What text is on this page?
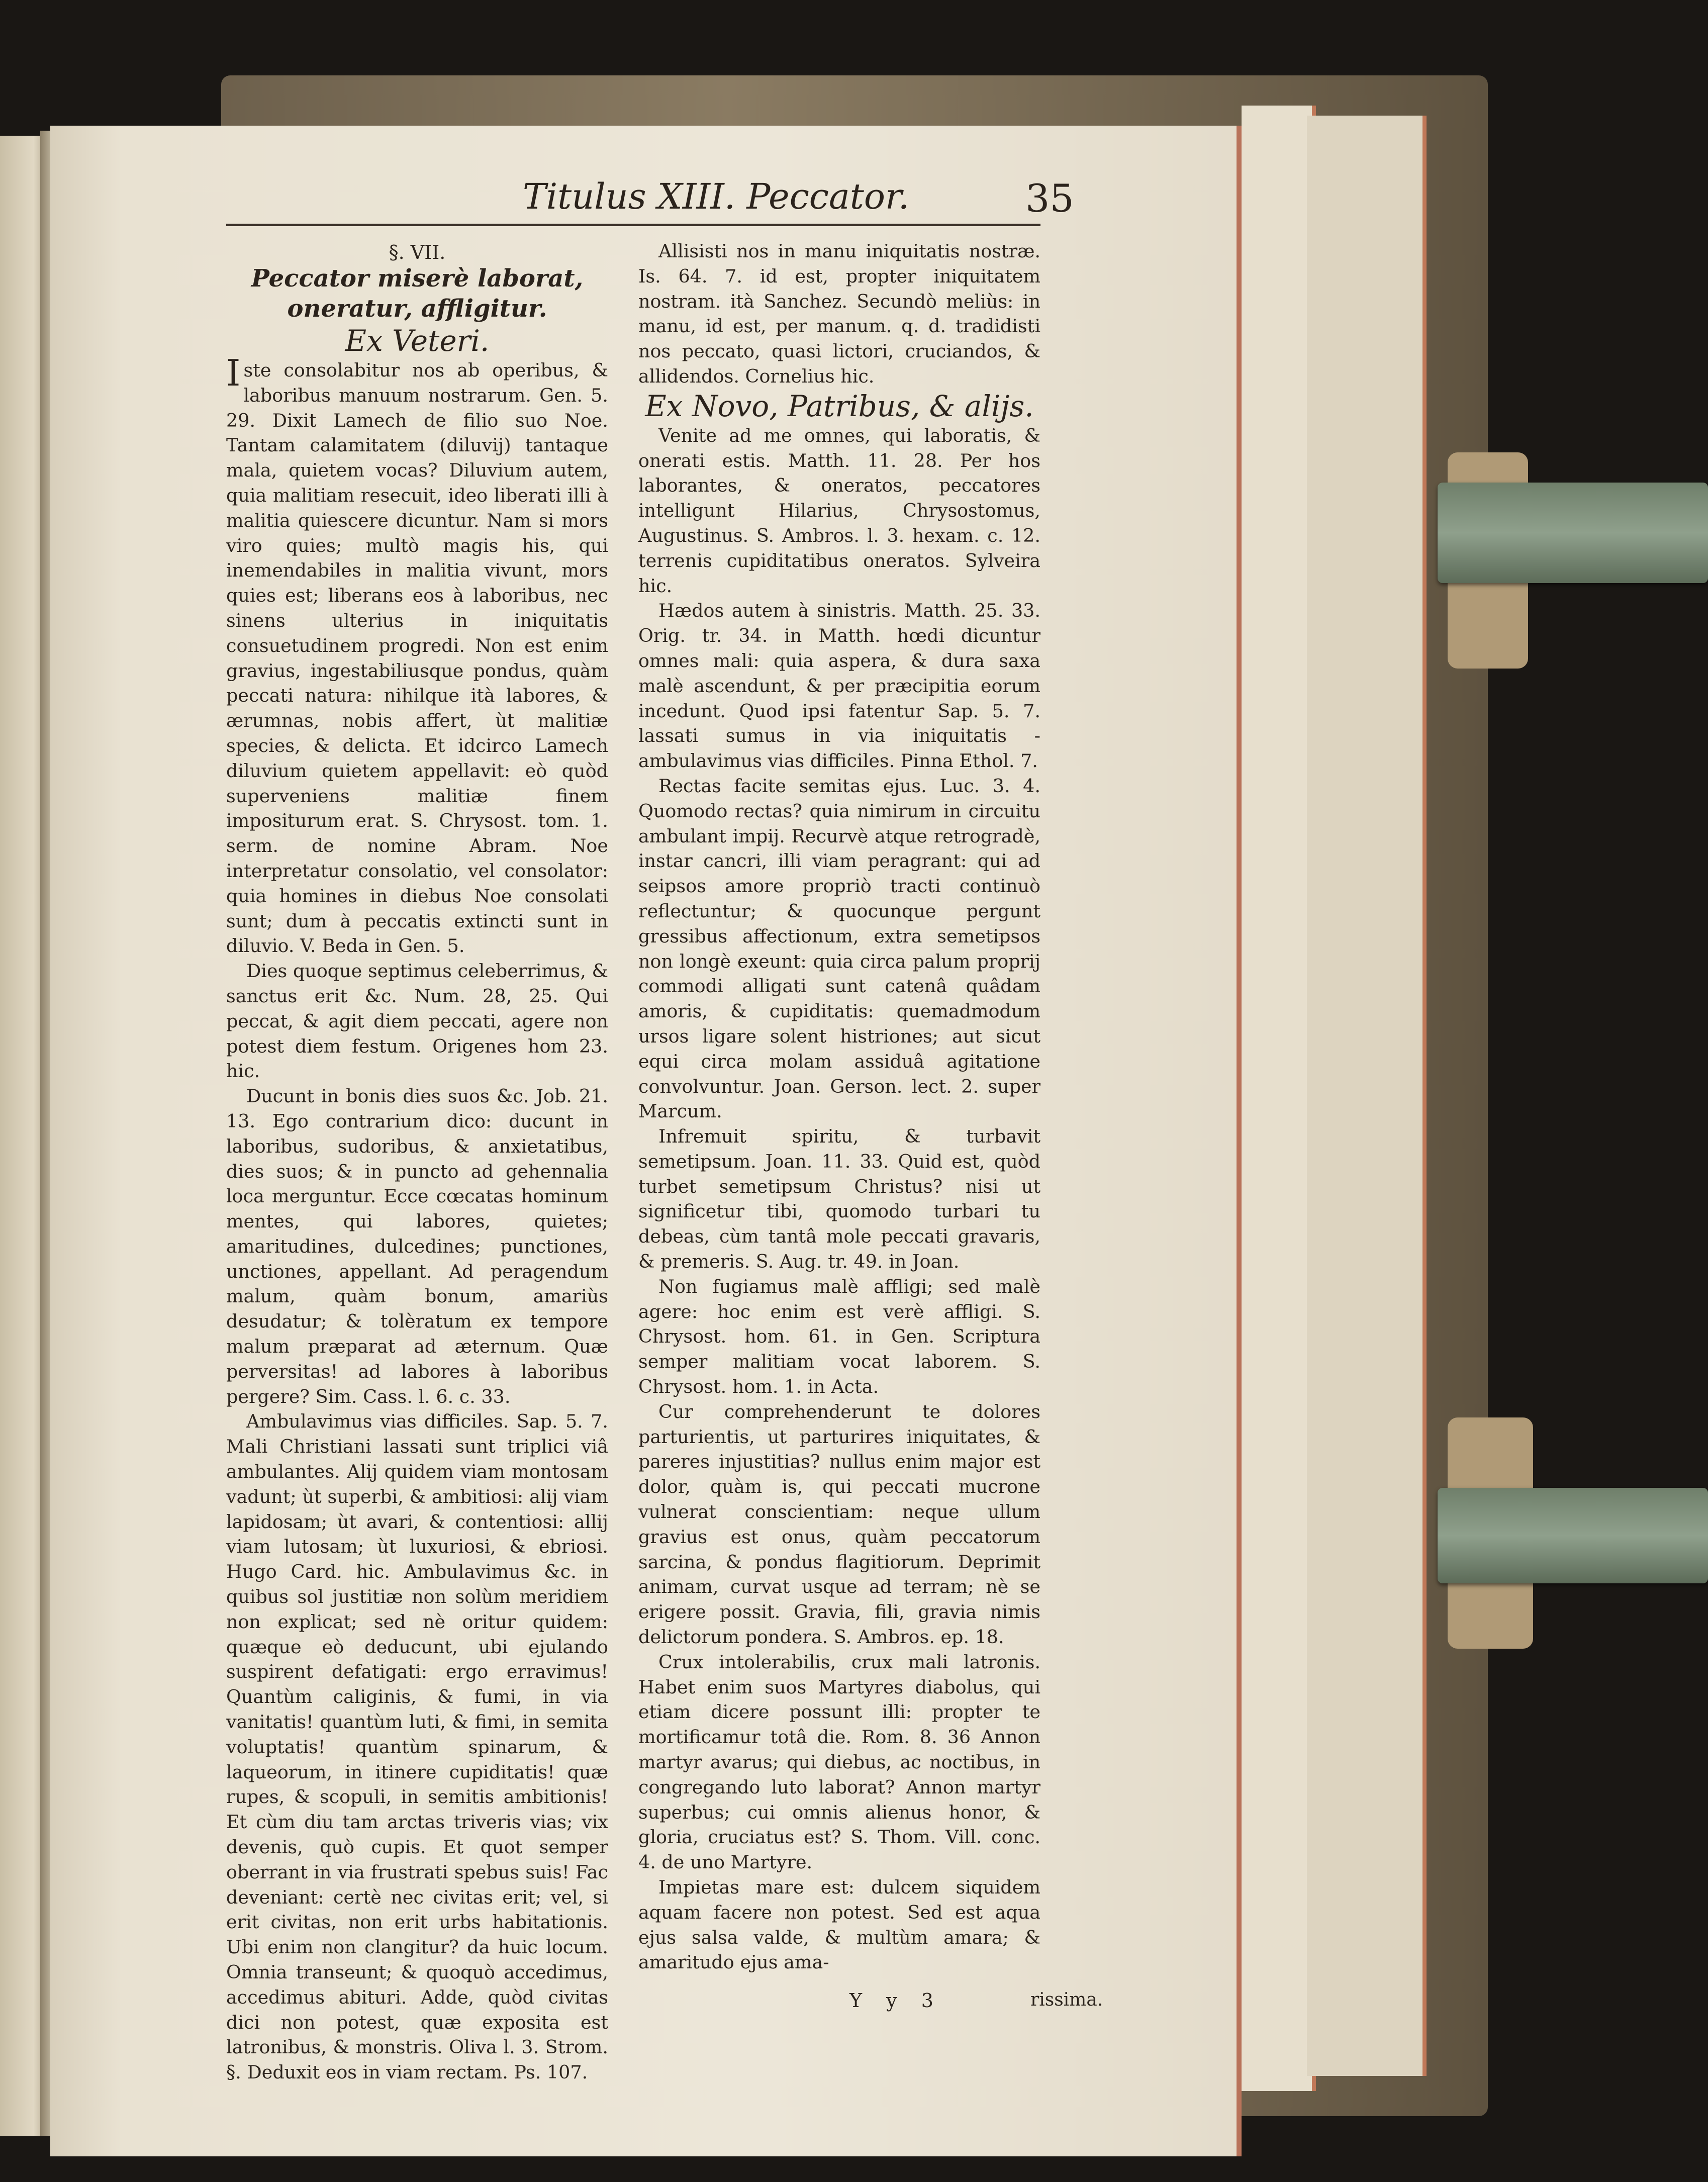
Titulus XIII. Peccator.	35
§. VII.
Peccator miserè laborat, oneratur, affligitur.
Ex Veteri.

Iste consolabitur nos ab operibus, & laboribus manuum nostrarum. Gen. 5. 29. Dixit Lamech de filio suo Noe. Tantam calamitatem (diluvij) tantaque mala, quietem vocas? Diluvium autem, quia malitiam resecuit, ideo liberati illi à malitia quiescere dicuntur. Nam si mors viro quies; multò magis his, qui inemendabiles in malitia vivunt, mors quies est; liberans eos à laboribus, nec sinens ulterius in iniquitatis consuetudinem progredi. Non est enim gravius, ingestabiliusque pondus, quàm peccati natura: nihilque ità labores, & ærumnas, nobis affert, ùt malitiæ species, & delicta. Et idcirco Lamech diluvium quietem appellavit: eò quòd superveniens malitiæ finem impositurum erat. S. Chrysost. tom. 1. serm. de nomine Abram. Noe interpretatur consolatio, vel consolator: quia homines in diebus Noe consolati sunt; dum à peccatis extincti sunt in diluvio. V. Beda in Gen. 5.

Dies quoque septimus celeberrimus, & sanctus erit &c. Num. 28, 25. Qui peccat, & agit diem peccati, agere non potest diem festum. Origenes hom 23. hic.

Ducunt in bonis dies suos &c. Job. 21. 13. Ego contrarium dico: ducunt in laboribus, sudoribus, & anxietatibus, dies suos; & in puncto ad gehennalia loca merguntur. Ecce cœcatas hominum mentes, qui labores, quietes; amaritudines, dulcedines; punctiones, unctiones, appellant. Ad peragendum malum, quàm bonum, amariùs desudatur; & tolèratum ex tempore malum præparat ad æternum. Quæ perversitas! ad labores à laboribus pergere? Sim. Cass. l. 6. c. 33.

Ambulavimus vias difficiles. Sap. 5. 7. Mali Christiani lassati sunt triplici viâ ambulantes. Alij quidem viam montosam vadunt; ùt superbi, & ambitiosi: alij viam lapidosam; ùt avari, & contentiosi: allij viam lutosam; ùt luxuriosi, & ebriosi. Hugo Card. hic. Ambulavimus &c. in quibus sol justitiæ non solùm meridiem non explicat; sed nè oritur quidem: quæque eò deducunt, ubi ejulando suspirent defatigati: ergo erravimus! Quantùm caliginis, & fumi, in via vanitatis! quantùm luti, & fimi, in semita voluptatis! quantùm spinarum, & laqueorum, in itinere cupiditatis! quæ rupes, & scopuli, in semitis ambitionis! Et cùm diu tam arctas triveris vias; vix devenis, quò cupis. Et quot semper oberrant in via frustrati spebus suis! Fac deveniant: certè nec civitas erit; vel, si erit civitas, non erit urbs habitationis. Ubi enim non clangitur? da huic locum. Omnia transeunt; & quoquò accedimus, accedimus abituri. Adde, quòd civitas dici non potest, quæ exposita est latronibus, & monstris. Oliva l. 3. Strom. §. Deduxit eos in viam rectam. Ps. 107.

Allisisti nos in manu iniquitatis nostræ. Is. 64. 7. id est, propter iniquitatem nostram. ità Sanchez. Secundò meliùs: in manu, id est, per manum. q. d. tradidisti nos peccato, quasi lictori, cruciandos, & allidendos. Cornelius hic.

Ex Novo, Patribus, & alijs.

Venite ad me omnes, qui laboratis, & onerati estis. Matth. 11. 28. Per hos laborantes, & oneratos, peccatores intelligunt Hilarius, Chrysostomus, Augustinus. S. Ambros. l. 3. hexam. c. 12. terrenis cupiditatibus oneratos. Sylveira hic.

Hædos autem à sinistris. Matth. 25. 33. Orig. tr. 34. in Matth. hœdi dicuntur omnes mali: quia aspera, & dura saxa malè ascendunt, & per præcipitia eorum incedunt. Quod ipsi fatentur Sap. 5. 7. lassati sumus in via iniquitatis - ambulavimus vias difficiles. Pinna Ethol. 7.

Rectas facite semitas ejus. Luc. 3. 4. Quomodo rectas? quia nimirum in circuitu ambulant impij. Recurvè atque retrogradè, instar cancri, illi viam peragrant: qui ad seipsos amore propriò tracti continuò reflectuntur; & quocunque pergunt gressibus affectionum, extra semetipsos non longè exeunt: quia circa palum proprij commodi alligati sunt catenâ quâdam amoris, & cupiditatis: quemadmodum ursos ligare solent histriones; aut sicut equi circa molam assiduâ agitatione convolvuntur. Joan. Gerson. lect. 2. super Marcum.

Infremuit spiritu, & turbavit semetipsum. Joan. 11. 33. Quid est, quòd turbet semetipsum Christus? nisi ut significetur tibi, quomodo turbari tu debeas, cùm tantâ mole peccati gravaris, & premeris. S. Aug. tr. 49. in Joan.

Non fugiamus malè affligi; sed malè agere: hoc enim est verè affligi. S. Chrysost. hom. 61. in Gen. Scriptura semper malitiam vocat laborem. S. Chrysost. hom. 1. in Acta.

Cur comprehenderunt te dolores parturientis, ut parturires iniquitates, & pareres injustitias? nullus enim major est dolor, quàm is, qui peccati mucrone vulnerat conscientiam: neque ullum gravius est onus, quàm peccatorum sarcina, & pondus flagitiorum. Deprimit animam, curvat usque ad terram; nè se erigere possit. Gravia, fili, gravia nimis delictorum pondera. S. Ambros. ep. 18.

Crux intolerabilis, crux mali latronis. Habet enim suos Martyres diabolus, qui etiam dicere possunt illi: propter te mortificamur totâ die. Rom. 8. 36 Annon martyr avarus; qui diebus, ac noctibus, in congregando luto laborat? Annon martyr superbus; cui omnis alienus honor, & gloria, cruciatus est? S. Thom. Vill. conc. 4. de uno Martyre.

Impietas mare est: dulcem siquidem aquam facere non potest. Sed est aqua ejus salsa valde, & multùm amara; & amaritudo ejus ama-

Y y 3	rissima.
